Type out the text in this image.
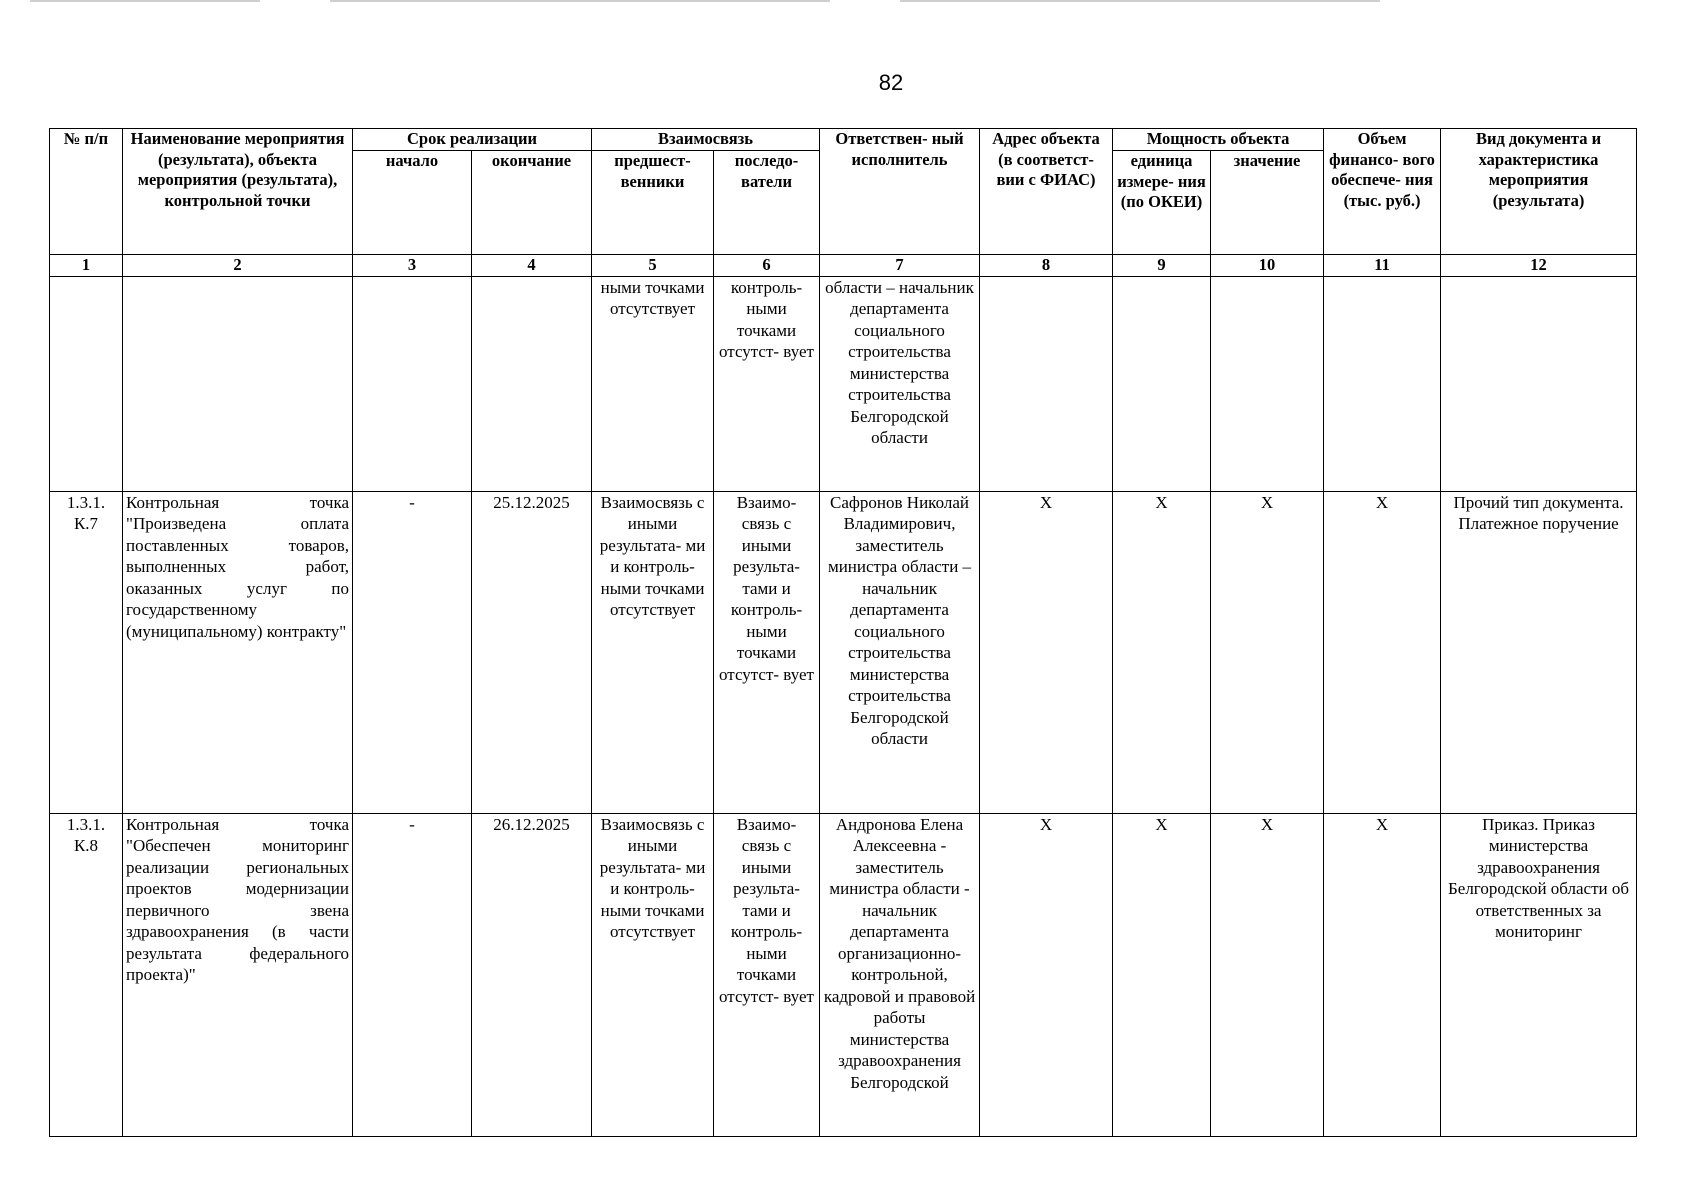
82
№ п/п	Наименование мероприятия (результата), объекта мероприятия (результата), контрольной точки	Срок реализации		Взаимосвязь		Ответствен- ный исполнитель	Адрес объекта (в соответст- вии с ФИАС)	Мощность объекта		Объем финансо- вого обеспече- ния (тыс. руб.)	Вид документа и характеристика мероприятия (результата)
		начало	окончание	предшест- венники	последо- ватели			единица измере- ния (по ОКЕИ)	значение		
1	2	3	4	5	6	7	8	9	10	11	12
				ными точками отсутствует	контроль- ными точками отсутст- вует	области – начальник департамента социального строительства министерства строительства Белгородской области					
1.3.1. К.7	Контрольная точка "Произведена оплата поставленных товаров, выполненных работ, оказанных услуг по государственному (муниципальному) контракту"	-	25.12.2025	Взаимосвязь с иными результата- ми и контроль- ными точками отсутствует	Взаимо- связь с иными результа- тами и контроль- ными точками отсутст- вует	Сафронов Николай Владимирович, заместитель министра области – начальник департамента социального строительства министерства строительства Белгородской области	X	X	X	X	Прочий тип документа. Платежное поручение
1.3.1. К.8	Контрольная точка "Обеспечен мониторинг реализации региональных проектов модернизации первичного звена здравоохранения (в части результата федерального проекта)"	-	26.12.2025	Взаимосвязь с иными результата- ми и контроль- ными точками отсутствует	Взаимо- связь с иными результа- тами и контроль- ными точками отсутст- вует	Андронова Елена Алексеевна - заместитель министра области - начальник департамента организационно-контрольной, кадровой и правовой работы министерства здравоохранения Белгородской	X	X	X	X	Приказ. Приказ министерства здравоохранения Белгородской области об ответственных за мониторинг
